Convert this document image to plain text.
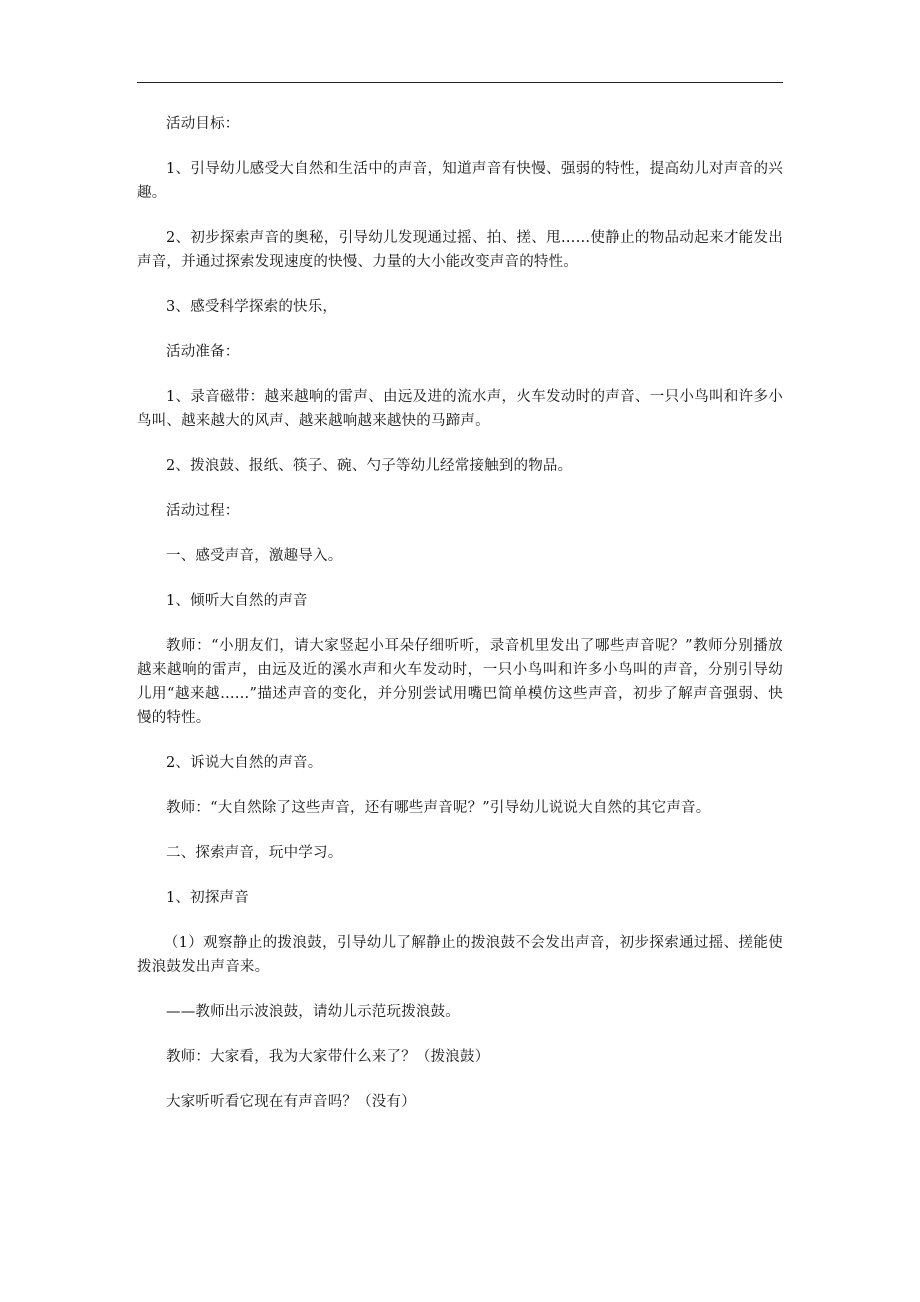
活动目标：

1、引导幼儿感受大自然和生活中的声音，知道声音有快慢、强弱的特性，提高幼儿对声音的兴趣。

2、初步探索声音的奥秘，引导幼儿发现通过摇、拍、搓、甩……使静止的物品动起来才能发出声音，并通过探索发现速度的快慢、力量的大小能改变声音的特性。

3、感受科学探索的快乐，

活动准备：

1、录音磁带：越来越响的雷声、由远及进的流水声，火车发动时的声音、一只小鸟叫和许多小鸟叫、越来越大的风声、越来越响越来越快的马蹄声。

2、拨浪鼓、报纸、筷子、碗、勺子等幼儿经常接触到的物品。

活动过程：

一、感受声音，激趣导入。

1、倾听大自然的声音

教师：“小朋友们，请大家竖起小耳朵仔细听听，录音机里发出了哪些声音呢？”教师分别播放越来越响的雷声，由远及近的溪水声和火车发动时，一只小鸟叫和许多小鸟叫的声音，分别引导幼儿用“越来越……”描述声音的变化，并分别尝试用嘴巴简单模仿这些声音，初步了解声音强弱、快慢的特性。

2、诉说大自然的声音。

教师：“大自然除了这些声音，还有哪些声音呢？”引导幼儿说说大自然的其它声音。

二、探索声音，玩中学习。

1、初探声音

（1）观察静止的拨浪鼓，引导幼儿了解静止的拨浪鼓不会发出声音，初步探索通过摇、搓能使拨浪鼓发出声音来。

——教师出示波浪鼓，请幼儿示范玩拨浪鼓。

教师：大家看，我为大家带什么来了？（拨浪鼓）

大家听听看它现在有声音吗？（没有）
